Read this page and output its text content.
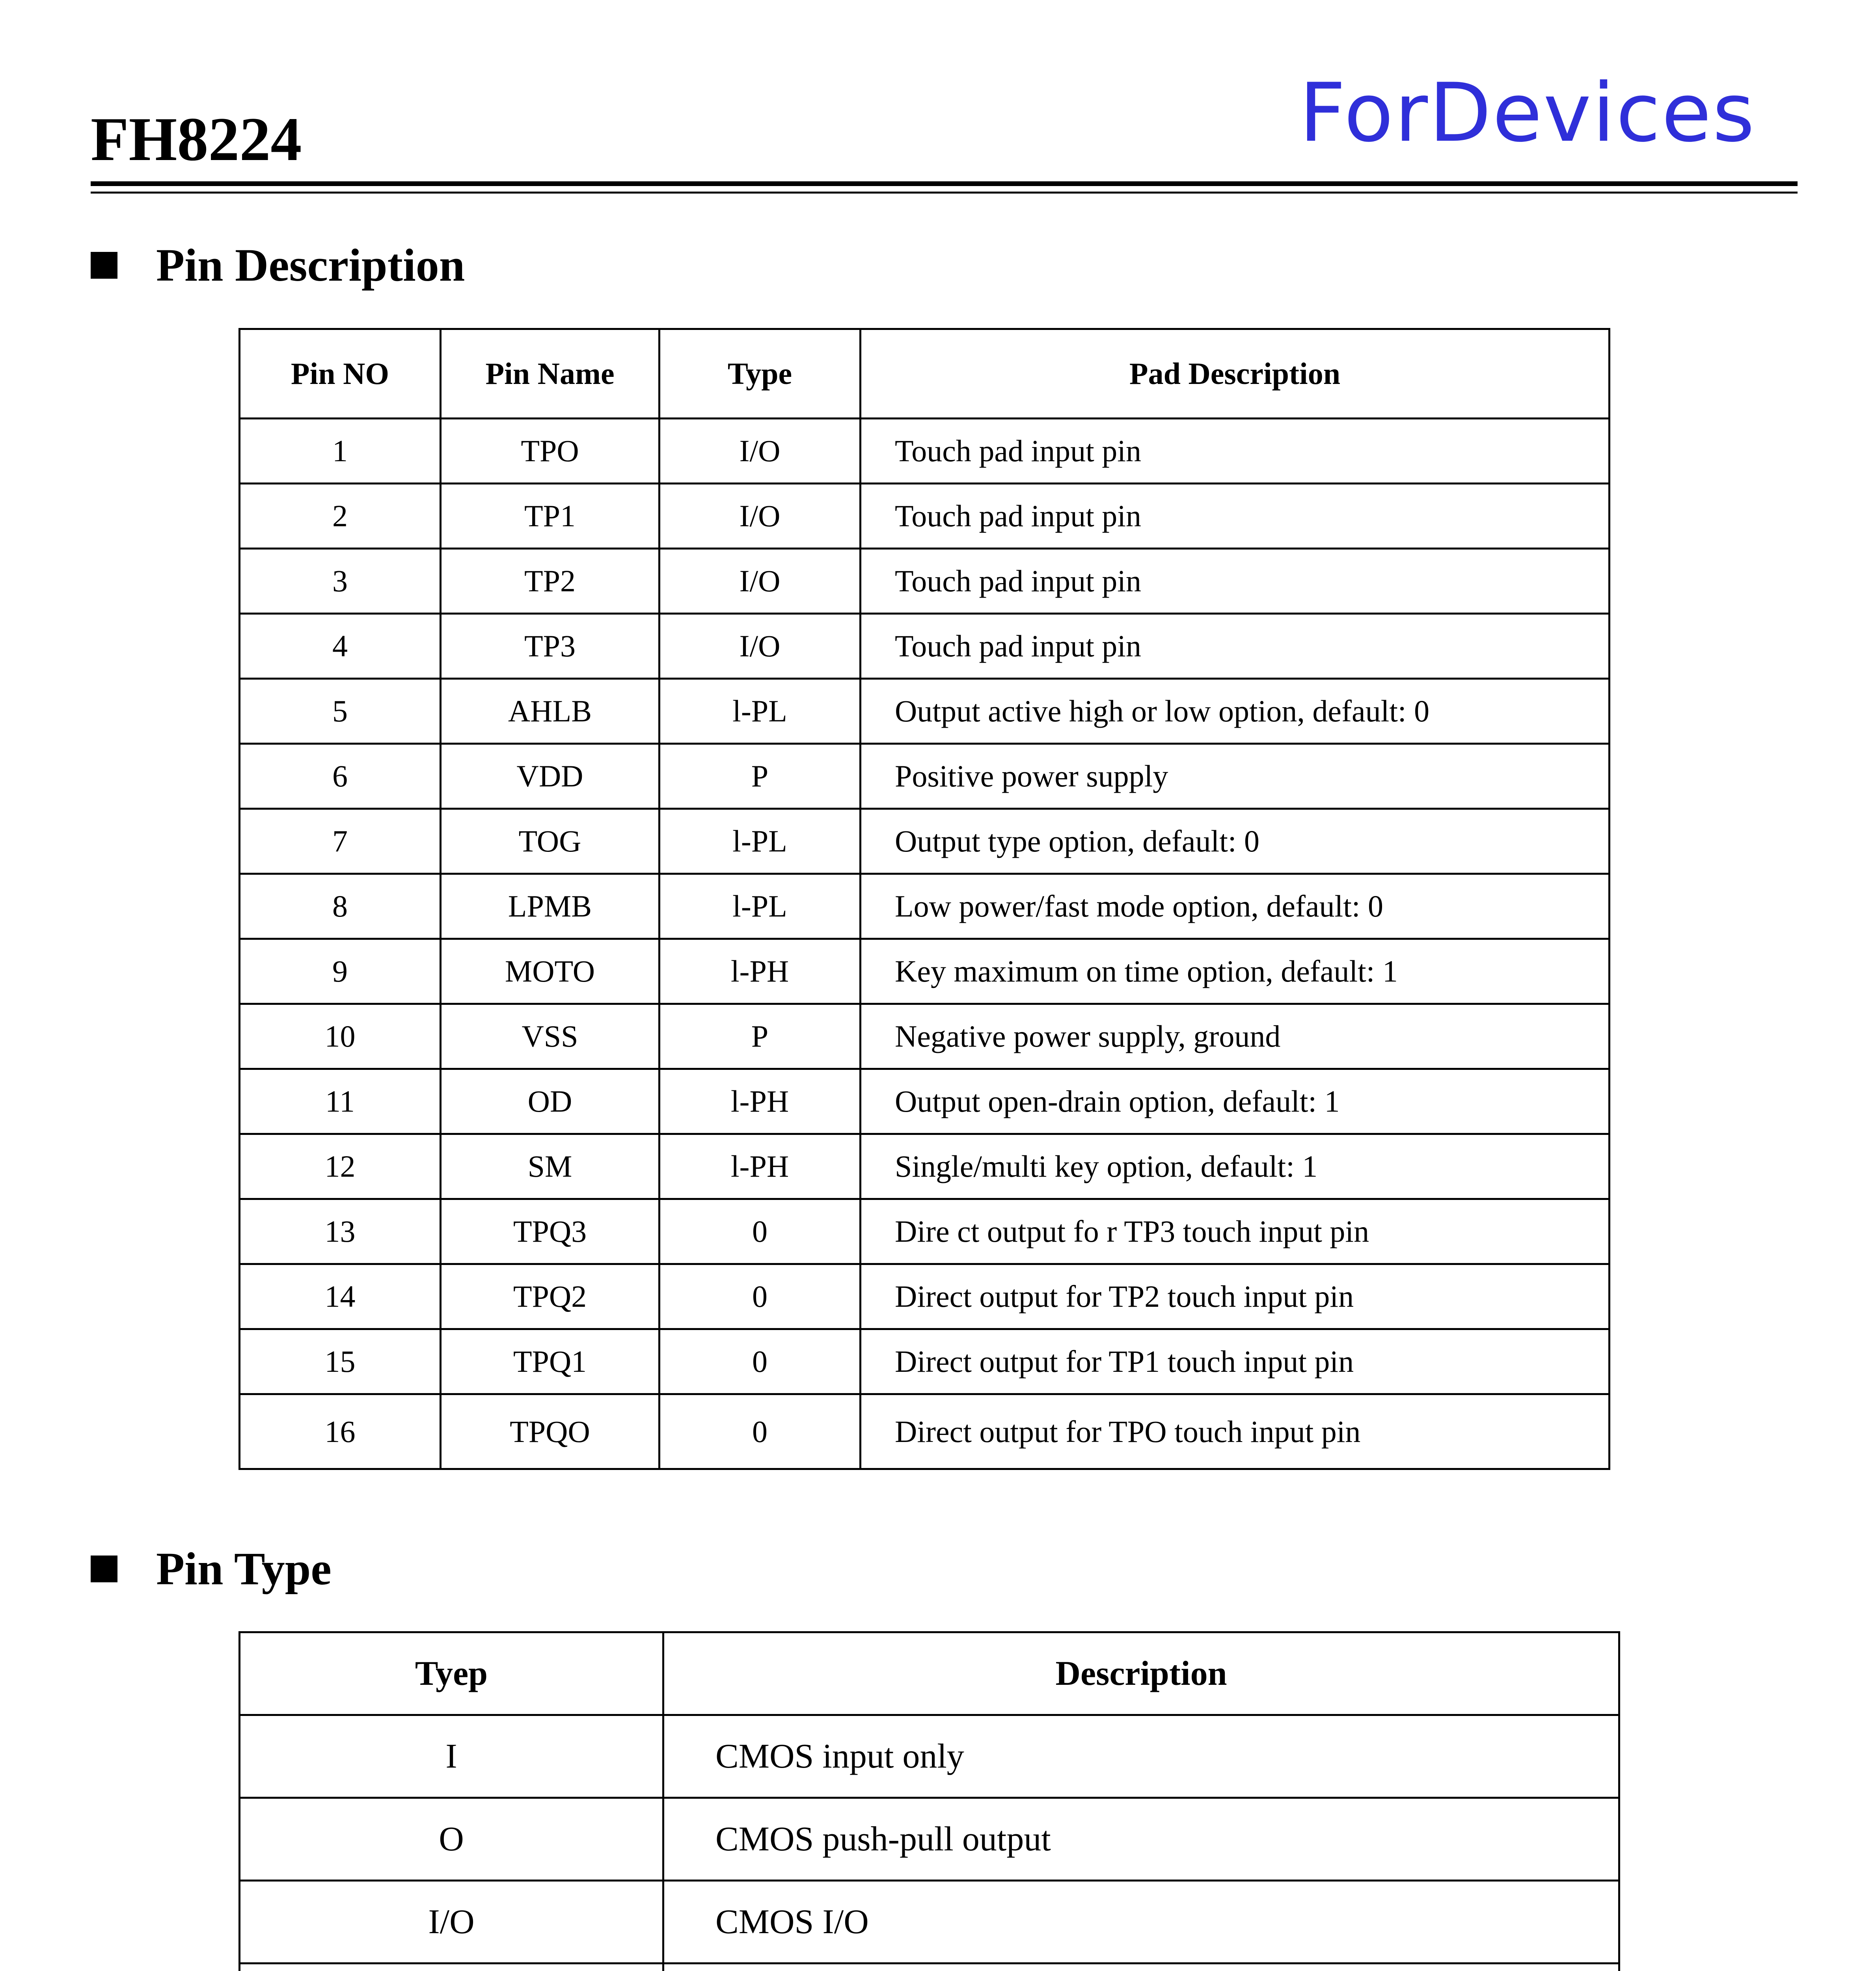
FH8224	ForDevices
Pin Description
Pin NO	Pin Name	Type	Pad Description
1	TPO	I/O	Touch pad input pin
2	TP1	I/O	Touch pad input pin
3	TP2	I/O	Touch pad input pin
4	TP3	I/O	Touch pad input pin
5	AHLB	l-PL	Output active high or low option, default: 0
6	VDD	P	Positive power supply
7	TOG	l-PL	Output type option, default: 0
8	LPMB	l-PL	Low power/fast mode option, default: 0
9	MOTO	l-PH	Key maximum on time option, default: 1
10	VSS	P	Negative power supply, ground
11	OD	l-PH	Output open-drain option, default: 1
12	SM	l-PH	Single/multi key option, default: 1
13	TPQ3	0	Dire ct output fo r TP3 touch input pin
14	TPQ2	0	Direct output for TP2 touch input pin
15	TPQ1	0	Direct output for TP1 touch input pin
16	TPQO	0	Direct output for TPO touch input pin
Pin Type
Tyep	Description
I	CMOS input only
O	CMOS push-pull output
I/O	CMOS I/O
